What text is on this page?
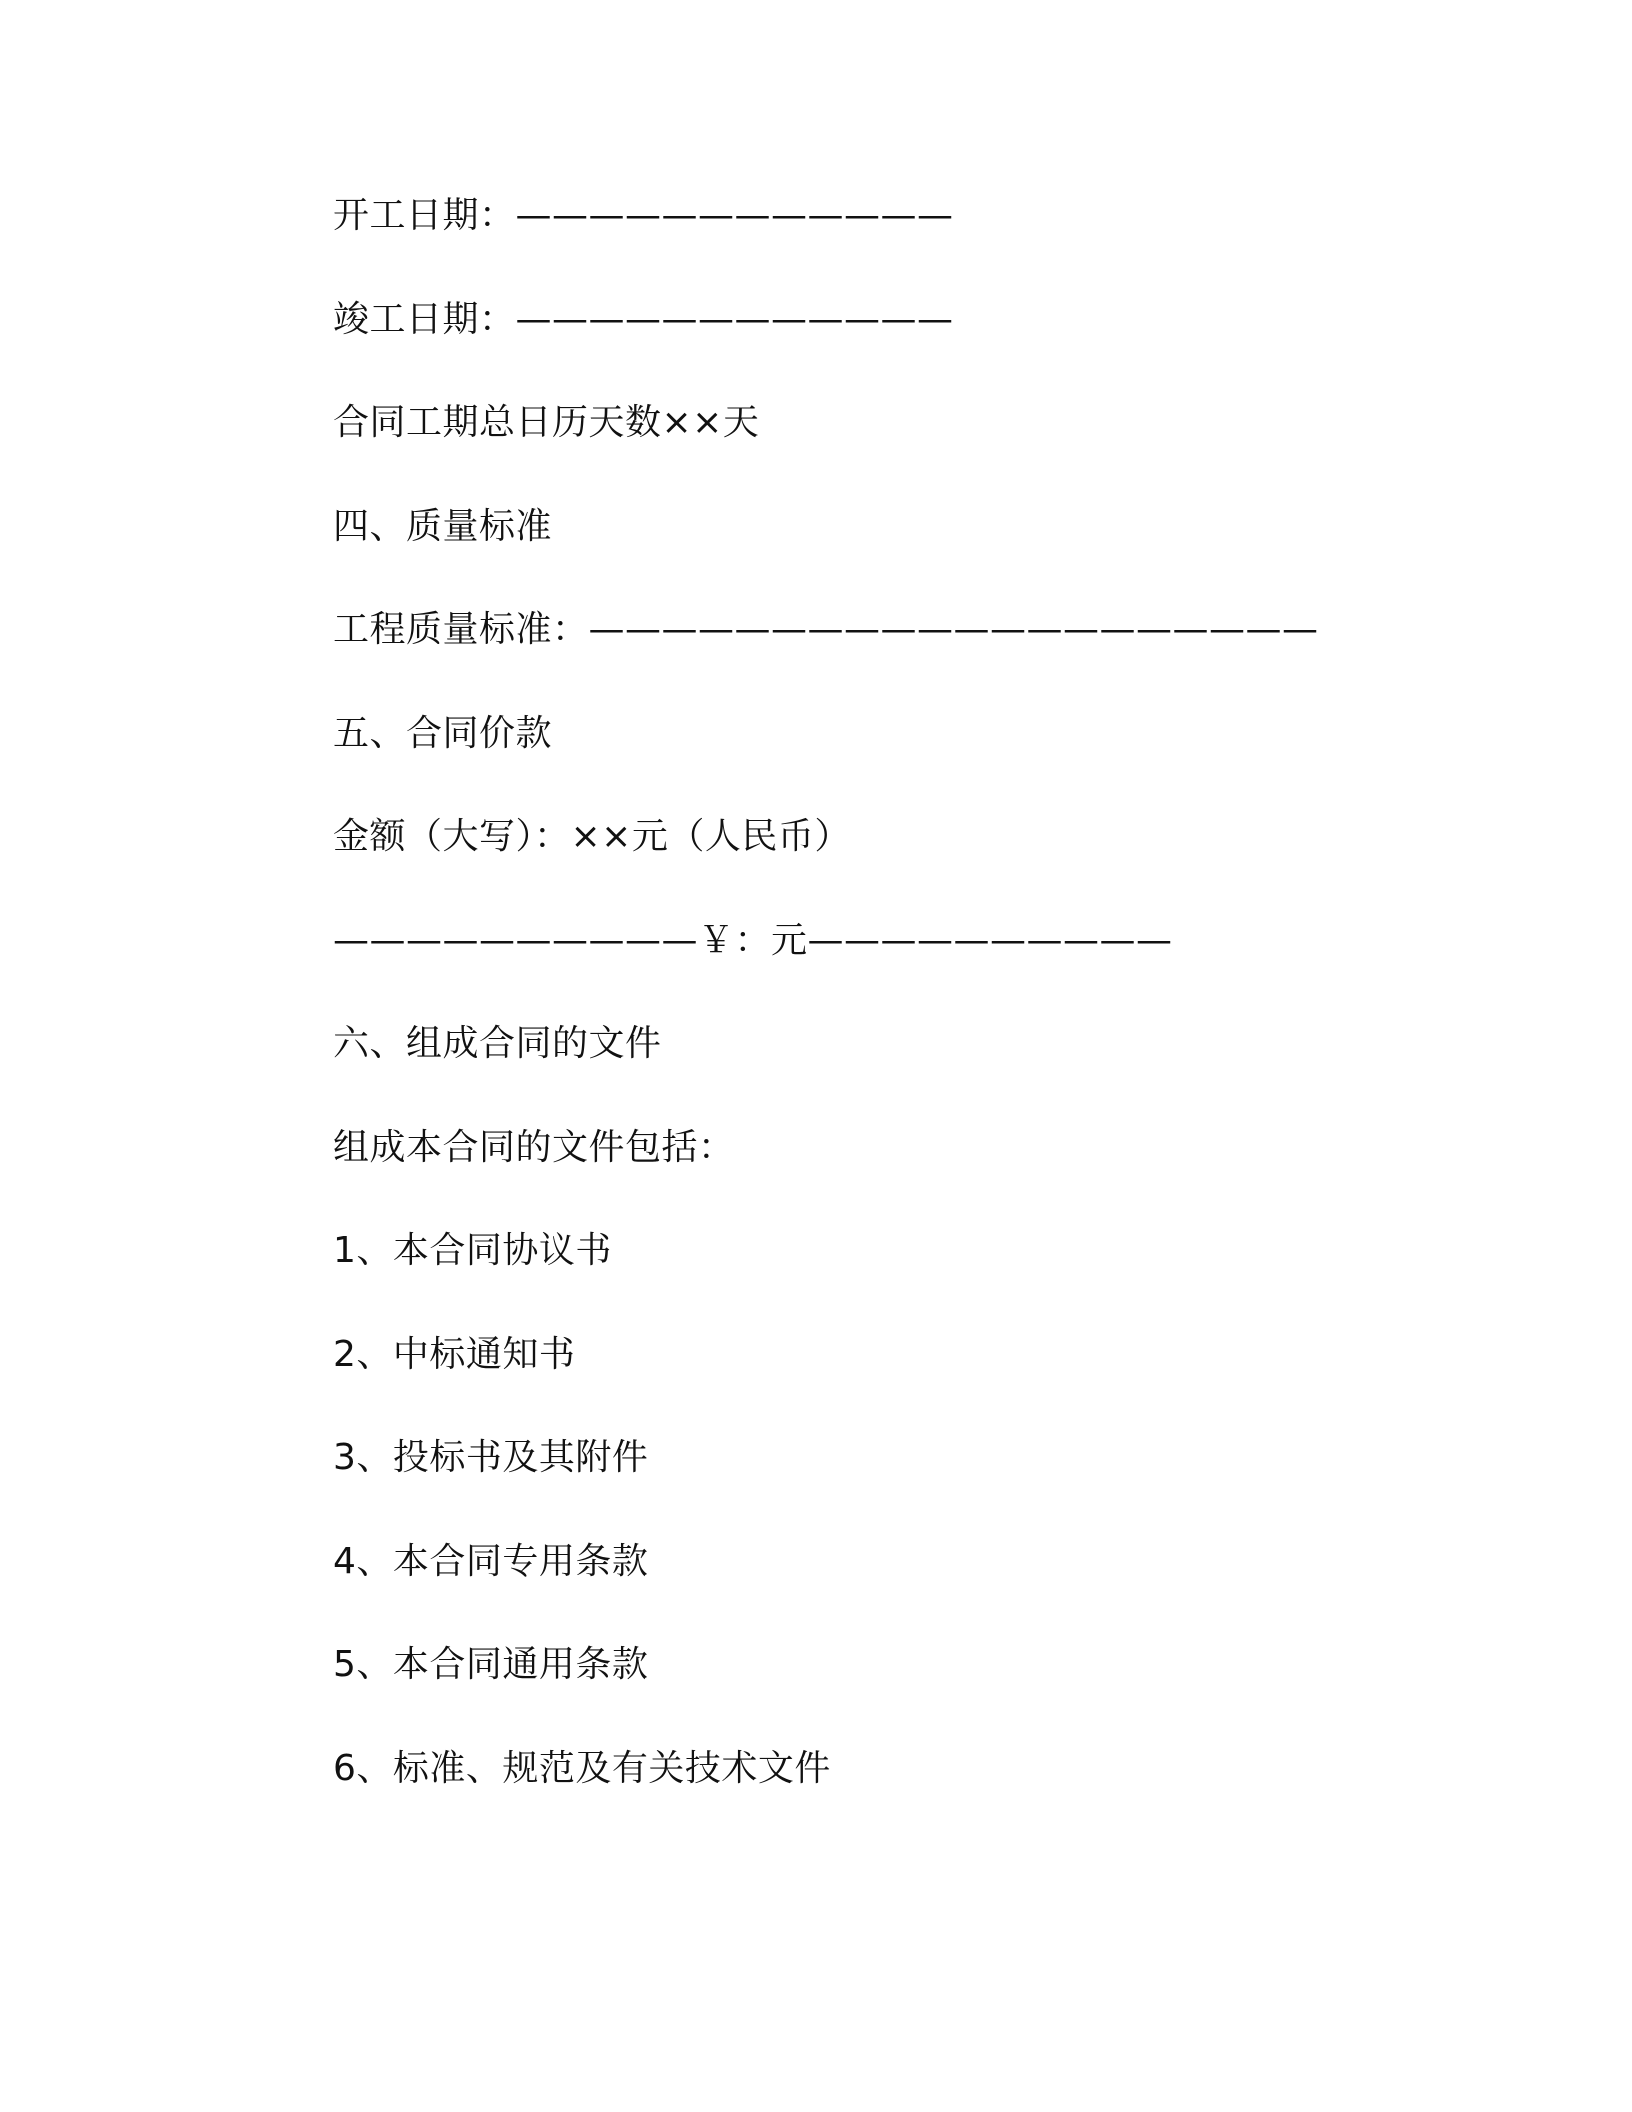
开工日期：————————————
竣工日期：————————————
合同工期总日历天数××天
四、质量标准
工程质量标准：————————————————————
五、合同价款
金额（大写）：××元（人民币）
——————————￥：元——————————
六、组成合同的文件
组成本合同的文件包括：
1、本合同协议书
2、中标通知书
3、投标书及其附件
4、本合同专用条款
5、本合同通用条款
6、标准、规范及有关技术文件
